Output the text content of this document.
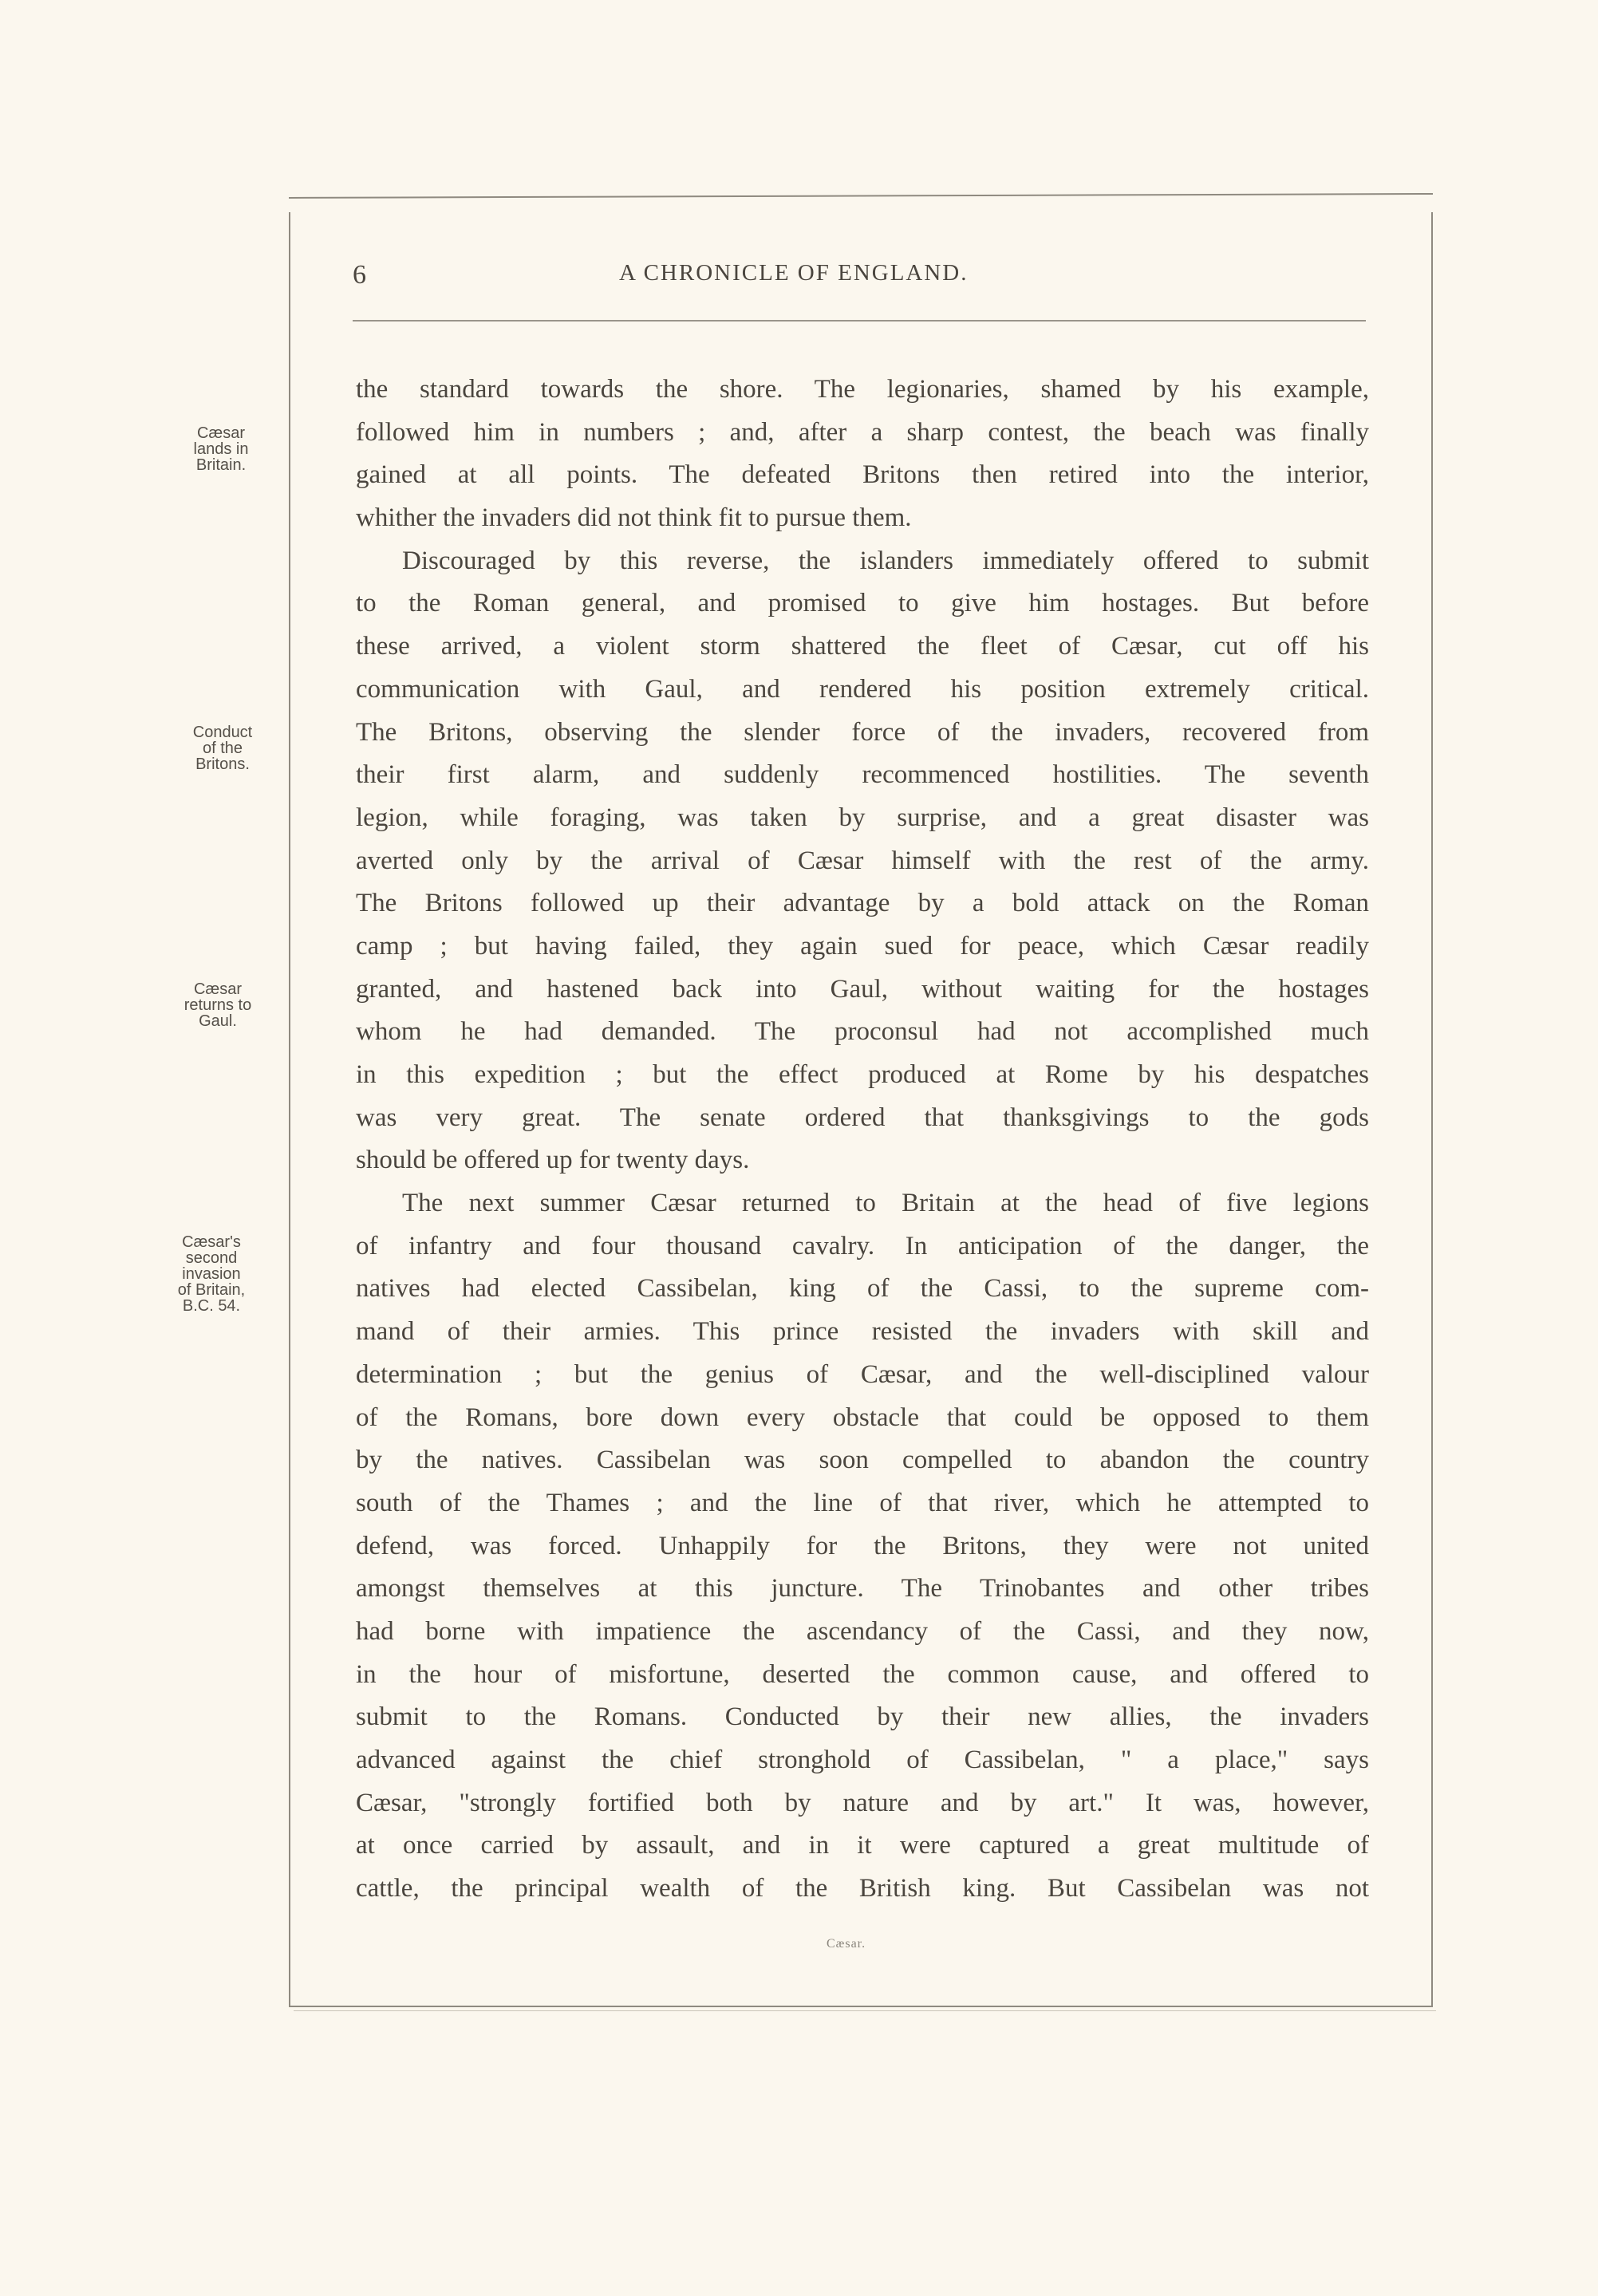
6	A CHRONICLE OF ENGLAND.
Cæsar
lands in
Britain.
Conduct
of the
Britons.
Cæsar
returns to
Gaul.
Cæsar's
second
invasion
of Britain,
B.C. 54.
the standard towards the shore. The legionaries, shamed by his example,
followed him in numbers ; and, after a sharp contest, the beach was finally
gained at all points. The defeated Britons then retired into the interior,
whither the invaders did not think fit to pursue them.
Discouraged by this reverse, the islanders immediately offered to submit
to the Roman general, and promised to give him hostages. But before
these arrived, a violent storm shattered the fleet of Cæsar, cut off his
communication with Gaul, and rendered his position extremely critical.
The Britons, observing the slender force of the invaders, recovered from
their first alarm, and suddenly recommenced hostilities. The seventh
legion, while foraging, was taken by surprise, and a great disaster was
averted only by the arrival of Cæsar himself with the rest of the army.
The Britons followed up their advantage by a bold attack on the Roman
camp ; but having failed, they again sued for peace, which Cæsar readily
granted, and hastened back into Gaul, without waiting for the hostages
whom he had demanded. The proconsul had not accomplished much
in this expedition ; but the effect produced at Rome by his despatches
was very great. The senate ordered that thanksgivings to the gods
should be offered up for twenty days.
The next summer Cæsar returned to Britain at the head of five legions
of infantry and four thousand cavalry. In anticipation of the danger, the
natives had elected Cassibelan, king of the Cassi, to the supreme com-
mand of their armies. This prince resisted the invaders with skill and
determination ; but the genius of Cæsar, and the well-disciplined valour
of the Romans, bore down every obstacle that could be opposed to them
by the natives. Cassibelan was soon compelled to abandon the country
south of the Thames ; and the line of that river, which he attempted to
defend, was forced. Unhappily for the Britons, they were not united
amongst themselves at this juncture. The Trinobantes and other tribes
had borne with impatience the ascendancy of the Cassi, and they now,
in the hour of misfortune, deserted the common cause, and offered to
submit to the Romans. Conducted by their new allies, the invaders
advanced against the chief stronghold of Cassibelan, " a place," says
Cæsar, "strongly fortified both by nature and by art." It was, however,
at once carried by assault, and in it were captured a great multitude of
cattle, the principal wealth of the British king. But Cassibelan was not
Cæsar.
